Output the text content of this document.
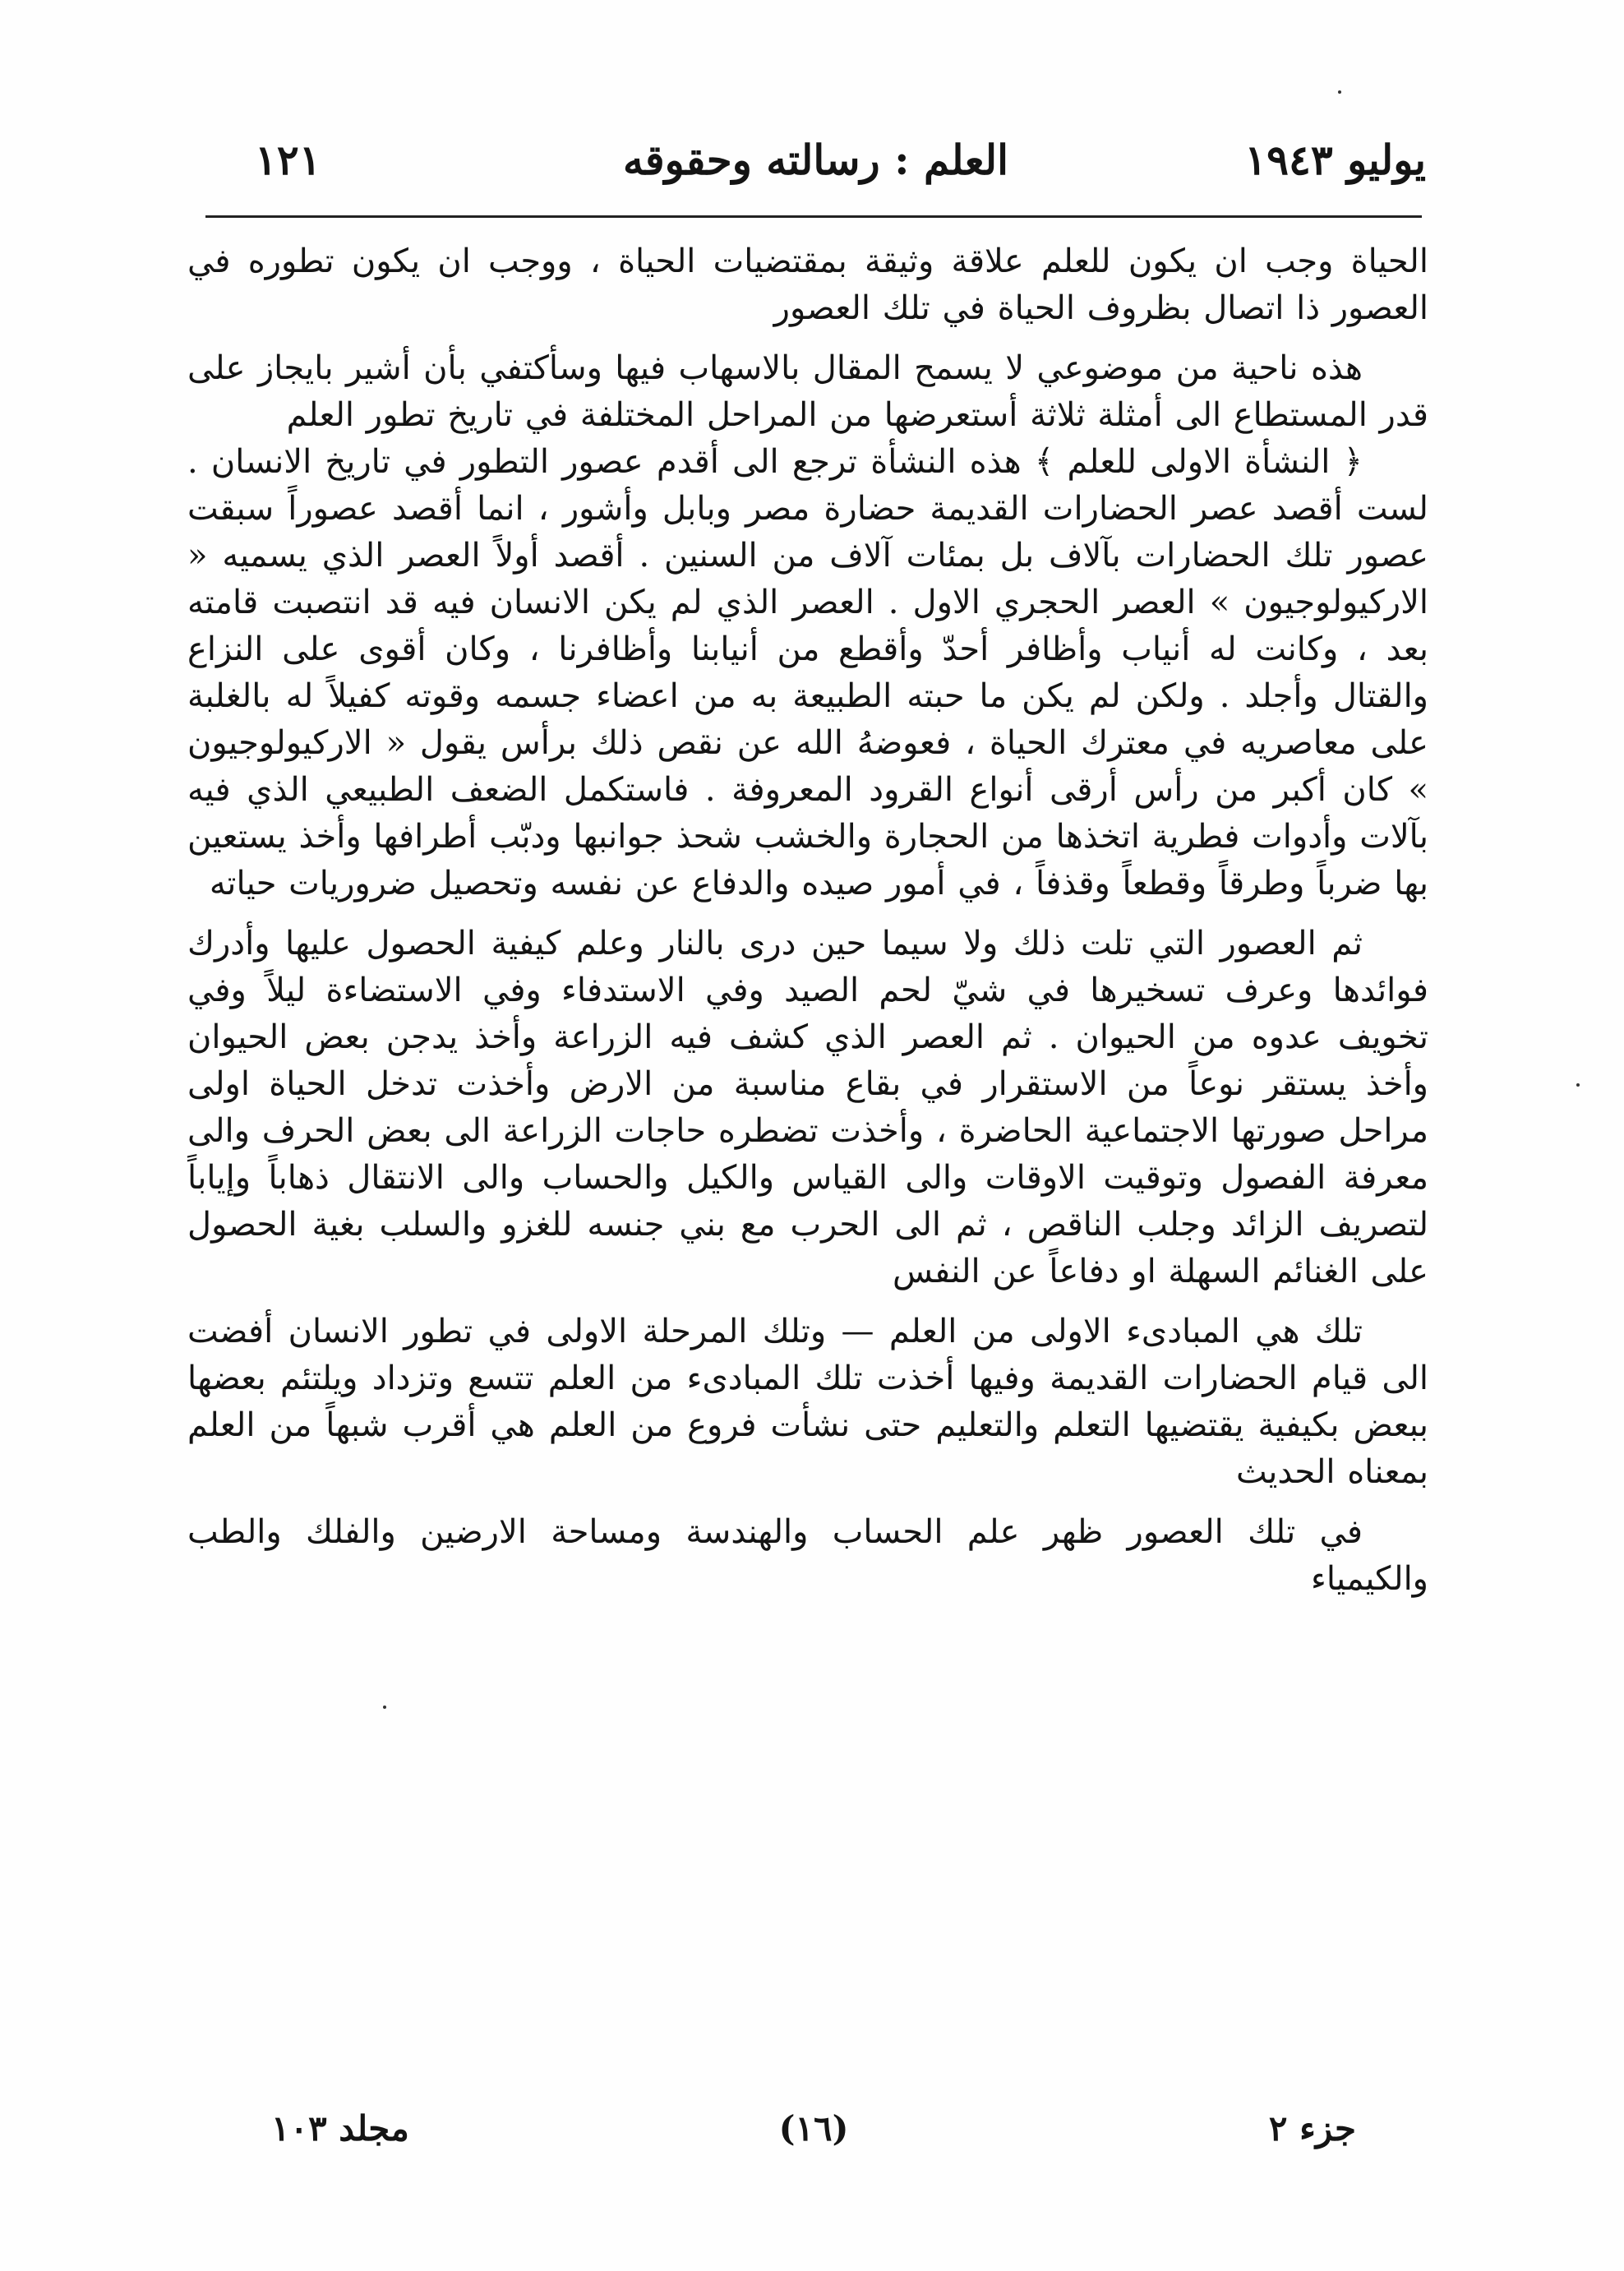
يوليو ١٩٤٣
العلم : رسالته وحقوقه
١٢١

الحياة وجب ان يكون للعلم علاقة وثيقة بمقتضيات الحياة ، ووجب ان يكون تطوره في العصور ذا اتصال بظروف الحياة في تلك العصور

هذه ناحية من موضوعي لا يسمح المقال بالاسهاب فيها وسأكتفي بأن أشير بايجاز على قدر المستطاع الى أمثلة ثلاثة أستعرضها من المراحل المختلفة في تاريخ تطور العلم

﴿ النشأة الاولى للعلم ﴾ هذه النشأة ترجع الى أقدم عصور التطور في تاريخ الانسان . لست أقصد عصر الحضارات القديمة حضارة مصر وبابل وأشور ، انما أقصد عصوراً سبقت عصور تلك الحضارات بآلاف بل بمئات آلاف من السنين . أقصد أولاً العصر الذي يسميه « الاركيولوجيون » العصر الحجري الاول . العصر الذي لم يكن الانسان فيه قد انتصبت قامته بعد ، وكانت له أنياب وأظافر أحدّ وأقطع من أنيابنا وأظافرنا ، وكان أقوى على النزاع والقتال وأجلد . ولكن لم يكن ما حبته الطبيعة به من اعضاء جسمه وقوته كفيلاً له بالغلبة على معاصريه في معترك الحياة ، فعوضهُ الله عن نقص ذلك برأس يقول « الاركيولوجيون » كان أكبر من رأس أرقى أنواع القرود المعروفة . فاستكمل الضعف الطبيعي الذي فيه بآلات وأدوات فطرية اتخذها من الحجارة والخشب شحذ جوانبها ودبّب أطرافها وأخذ يستعين بها ضرباً وطرقاً وقطعاً وقذفاً ، في أمور صيده والدفاع عن نفسه وتحصيل ضروريات حياته

ثم العصور التي تلت ذلك ولا سيما حين درى بالنار وعلم كيفية الحصول عليها وأدرك فوائدها وعرف تسخيرها في شيّ لحم الصيد وفي الاستدفاء وفي الاستضاءة ليلاً وفي تخويف عدوه من الحيوان . ثم العصر الذي كشف فيه الزراعة وأخذ يدجن بعض الحيوان وأخذ يستقر نوعاً من الاستقرار في بقاع مناسبة من الارض وأخذت تدخل الحياة اولى مراحل صورتها الاجتماعية الحاضرة ، وأخذت تضطره حاجات الزراعة الى بعض الحرف والى معرفة الفصول وتوقيت الاوقات والى القياس والكيل والحساب والى الانتقال ذهاباً وإياباً لتصريف الزائد وجلب الناقص ، ثم الى الحرب مع بني جنسه للغزو والسلب بغية الحصول على الغنائم السهلة او دفاعاً عن النفس

تلك هي المبادىء الاولى من العلم — وتلك المرحلة الاولى في تطور الانسان أفضت الى قيام الحضارات القديمة وفيها أخذت تلك المبادىء من العلم تتسع وتزداد ويلتئم بعضها ببعض بكيفية يقتضيها التعلم والتعليم حتى نشأت فروع من العلم هي أقرب شبهاً من العلم بمعناه الحديث

في تلك العصور ظهر علم الحساب والهندسة ومساحة الارضين والفلك والطب والكيمياء

جزء ٢
(١٦)
مجلد ١٠٣
